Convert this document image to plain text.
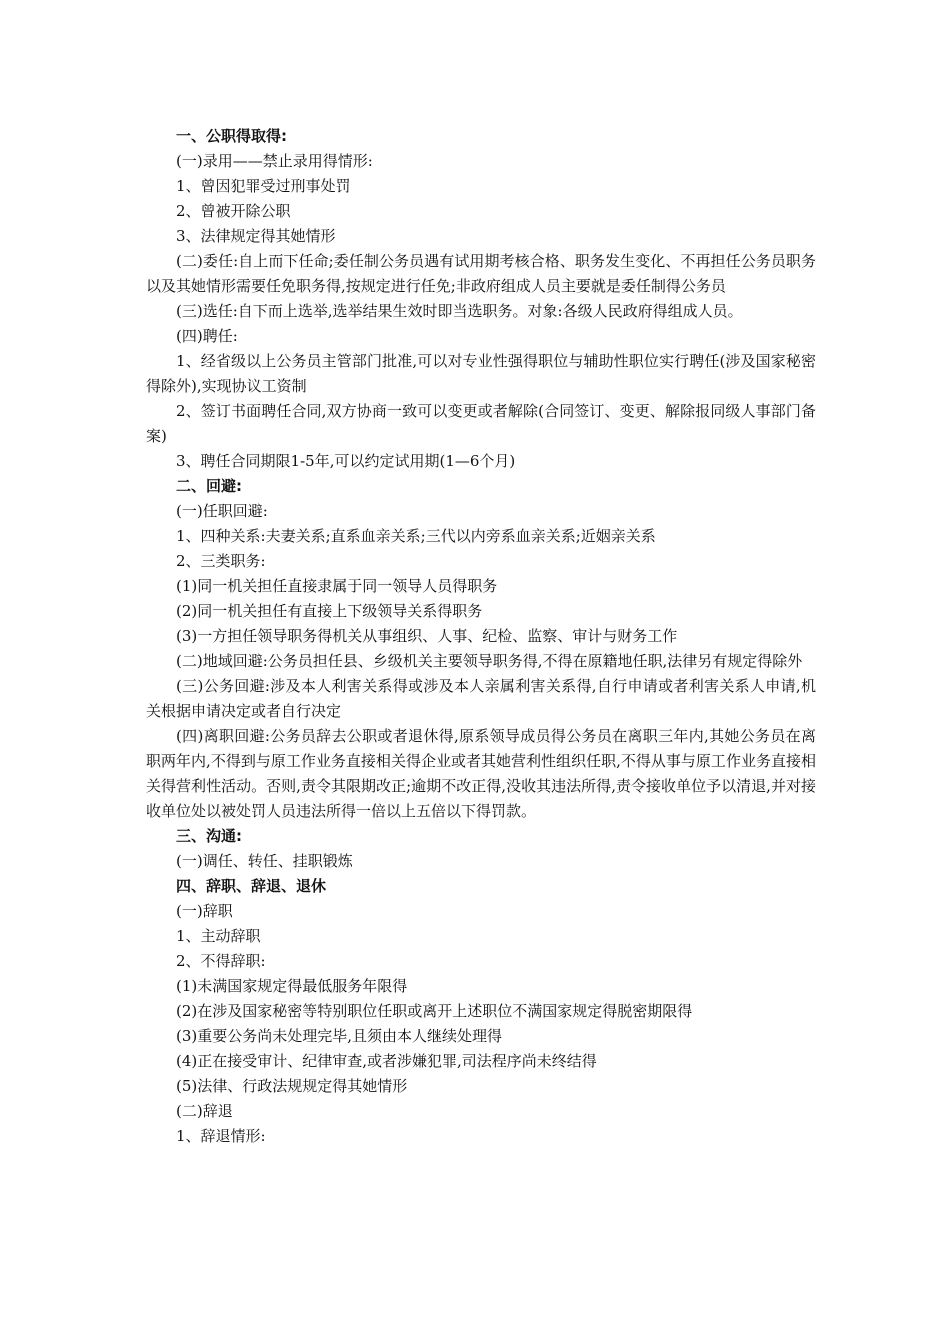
一、公职得取得:

(一)录用——禁止录用得情形:

1、曾因犯罪受过刑事处罚

2、曾被开除公职

3、法律规定得其她情形

(二)委任:自上而下任命;委任制公务员遇有试用期考核合格、职务发生变化、不再担任公务员职务以及其她情形需要任免职务得,按规定进行任免;非政府组成人员主要就是委任制得公务员

(三)选任:自下而上选举,选举结果生效时即当选职务。对象:各级人民政府得组成人员。

(四)聘任:

1、经省级以上公务员主管部门批准,可以对专业性强得职位与辅助性职位实行聘任(涉及国家秘密得除外),实现协议工资制

2、签订书面聘任合同,双方协商一致可以变更或者解除(合同签订、变更、解除报同级人事部门备案)

3、聘任合同期限1-5年,可以约定试用期(1—6个月)

二、回避:

(一)任职回避:

1、四种关系:夫妻关系;直系血亲关系;三代以内旁系血亲关系;近姻亲关系

2、三类职务:

(1)同一机关担任直接隶属于同一领导人员得职务

(2)同一机关担任有直接上下级领导关系得职务

(3)一方担任领导职务得机关从事组织、人事、纪检、监察、审计与财务工作

(二)地域回避:公务员担任县、乡级机关主要领导职务得,不得在原籍地任职,法律另有规定得除外

(三)公务回避:涉及本人利害关系得或涉及本人亲属利害关系得,自行申请或者利害关系人申请,机关根据申请决定或者自行决定

(四)离职回避:公务员辞去公职或者退休得,原系领导成员得公务员在离职三年内,其她公务员在离职两年内,不得到与原工作业务直接相关得企业或者其她营利性组织任职,不得从事与原工作业务直接相关得营利性活动。否则,责令其限期改正;逾期不改正得,没收其违法所得,责令接收单位予以清退,并对接收单位处以被处罚人员违法所得一倍以上五倍以下得罚款。

三、沟通:

(一)调任、转任、挂职锻炼

四、辞职、辞退、退休

(一)辞职

1、主动辞职

2、不得辞职:

(1)未满国家规定得最低服务年限得

(2)在涉及国家秘密等特别职位任职或离开上述职位不满国家规定得脱密期限得

(3)重要公务尚未处理完毕,且须由本人继续处理得

(4)正在接受审计、纪律审查,或者涉嫌犯罪,司法程序尚未终结得

(5)法律、行政法规规定得其她情形

(二)辞退

1、辞退情形:
